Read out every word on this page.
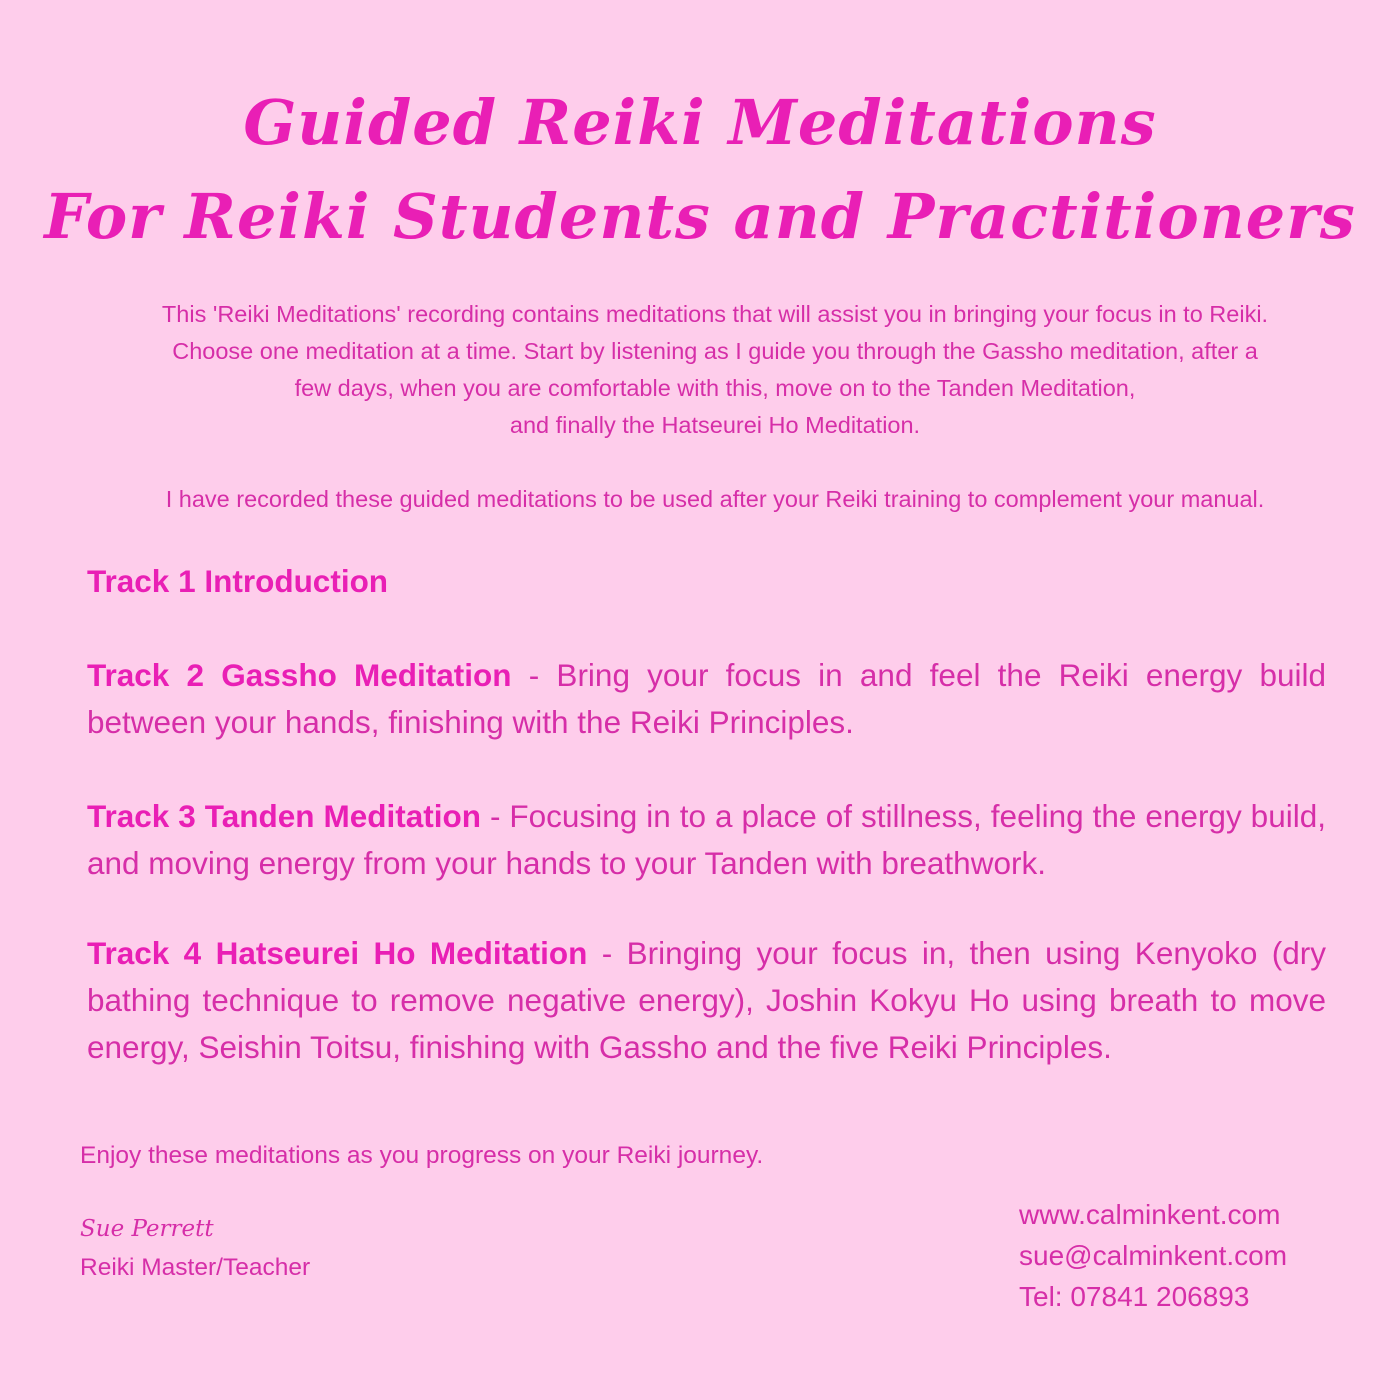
Guided Reiki Meditations
For Reiki Students and Practitioners

This 'Reiki Meditations' recording contains meditations that will assist you in bringing your focus in to Reiki.

Choose one meditation at a time. Start by listening as I guide you through the Gassho meditation, after a

few days, when you are comfortable with this, move on to the Tanden Meditation,

and finally the Hatseurei Ho Meditation.

I have recorded these guided meditations to be used after your Reiki training to complement your manual.

Track 1 Introduction

Track 2 Gassho Meditation - Bring your focus in and feel the Reiki energy build between your hands, finishing with the Reiki Principles.

Track 3 Tanden Meditation - Focusing in to a place of stillness, feeling the energy build, and moving energy from your hands to your Tanden with breathwork.

Track 4 Hatseurei Ho Meditation - Bringing your focus in, then using Kenyoko (dry bathing technique to remove negative energy), Joshin Kokyu Ho using breath to move energy, Seishin Toitsu, finishing with Gassho and the five Reiki Principles.

Enjoy these meditations as you progress on your Reiki journey.

Sue Perrett
Reiki Master/Teacher
www.calminkent.com
sue@calminkent.com
Tel: 07841 206893
